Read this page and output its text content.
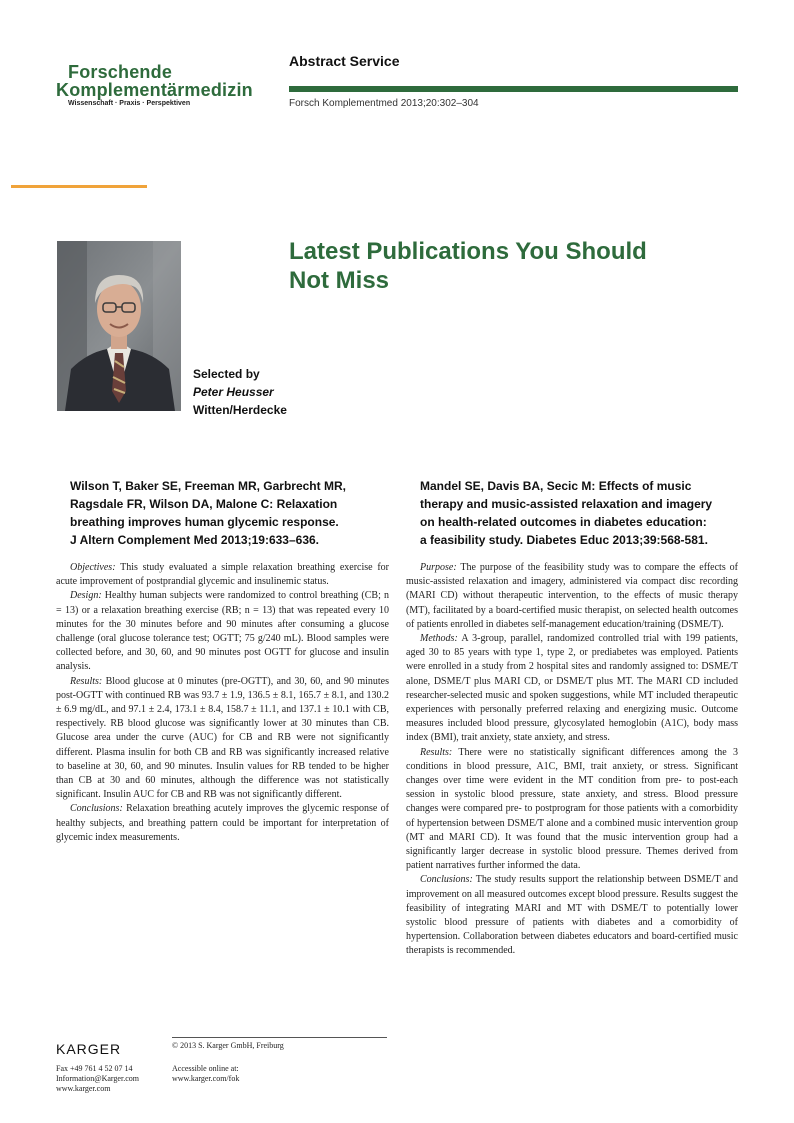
Forschende
Komplementärmedizin
Wissenschaft · Praxis · Perspektiven
Abstract Service
Forsch Komplementmed 2013;20:302–304
Latest Publications You Should
Not Miss
Selected by
Peter Heusser
Witten/Herdecke
Wilson T, Baker SE, Freeman MR, Garbrecht MR,
Ragsdale FR, Wilson DA, Malone C: Relaxation
breathing improves human glycemic response.
J Altern Complement Med 2013;19:633–636.

Objectives: This study evaluated a simple relaxation breathing exercise for acute improvement of postprandial glycemic and insulinemic status.

Design: Healthy human subjects were randomized to control breathing (CB; n = 13) or a relaxation breathing exercise (RB; n = 13) that was repeated every 10 minutes for the 30 minutes before and 90 minutes after consuming a glucose challenge (oral glucose tolerance test; OGTT; 75 g/240 mL). Blood samples were collected before, and 30, 60, and 90 minutes post OGTT for glucose and insulin analysis.

Results: Blood glucose at 0 minutes (pre-OGTT), and 30, 60, and 90 minutes post-OGTT with continued RB was 93.7 ± 1.9, 136.5 ± 8.1, 165.7 ± 8.1, and 130.2 ± 6.9 mg/dL, and 97.1 ± 2.4, 173.1 ± 8.4, 158.7 ± 11.1, and 137.1 ± 10.1 with CB, respectively. RB blood glucose was significantly lower at 30 minutes than CB. Glucose area under the curve (AUC) for CB and RB were not significantly different. Plasma insulin for both CB and RB was significantly increased relative to baseline at 30, 60, and 90 minutes. Insulin values for RB tended to be higher than CB at 30 and 60 minutes, although the difference was not statistically significant. Insulin AUC for CB and RB was not significantly different.

Conclusions: Relaxation breathing acutely improves the glycemic response of healthy subjects, and breathing pattern could be important for interpretation of glycemic index measurements.

Mandel SE, Davis BA, Secic M: Effects of music
therapy and music-assisted relaxation and imagery
on health-related outcomes in diabetes education:
a feasibility study. Diabetes Educ 2013;39:568-581.

Purpose: The purpose of the feasibility study was to compare the effects of music-assisted relaxation and imagery, administered via compact disc recording (MARI CD) without therapeutic intervention, to the effects of music therapy (MT), facilitated by a board-certified music therapist, on selected health outcomes of patients enrolled in diabetes self-management education/training (DSME/T).

Methods: A 3-group, parallel, randomized controlled trial with 199 patients, aged 30 to 85 years with type 1, type 2, or prediabetes was employed. Patients were enrolled in a study from 2 hospital sites and randomly assigned to: DSME/T alone, DSME/T plus MARI CD, or DSME/T plus MT. The MARI CD included researcher-selected music and spoken suggestions, while MT included therapeutic experiences with personally preferred relaxing and energizing music. Outcome measures included blood pressure, glycosylated hemoglobin (A1C), body mass index (BMI), trait anxiety, state anxiety, and stress.

Results: There were no statistically significant differences among the 3 conditions in blood pressure, A1C, BMI, trait anxiety, or stress. Significant changes over time were evident in the MT condition from pre- to post-each session in systolic blood pressure, state anxiety, and stress. Blood pressure changes were compared pre- to postprogram for those patients with a comorbidity of hypertension between DSME/T alone and a combined music intervention group (MT and MARI CD). It was found that the music intervention group had a significantly larger decrease in systolic blood pressure. Themes derived from patient narratives further informed the data.

Conclusions: The study results support the relationship between DSME/T and improvement on all measured outcomes except blood pressure. Results suggest the feasibility of integrating MARI and MT with DSME/T to potentially lower systolic blood pressure of patients with diabetes and a comorbidity of hypertension. Collaboration between diabetes educators and board-certified music therapists is recommended.

KARGER	© 2013 S. Karger GmbH, Freiburg
Fax +49 761 4 52 07 14
Information@Karger.com
www.karger.com
Accessible online at:
www.karger.com/fok
